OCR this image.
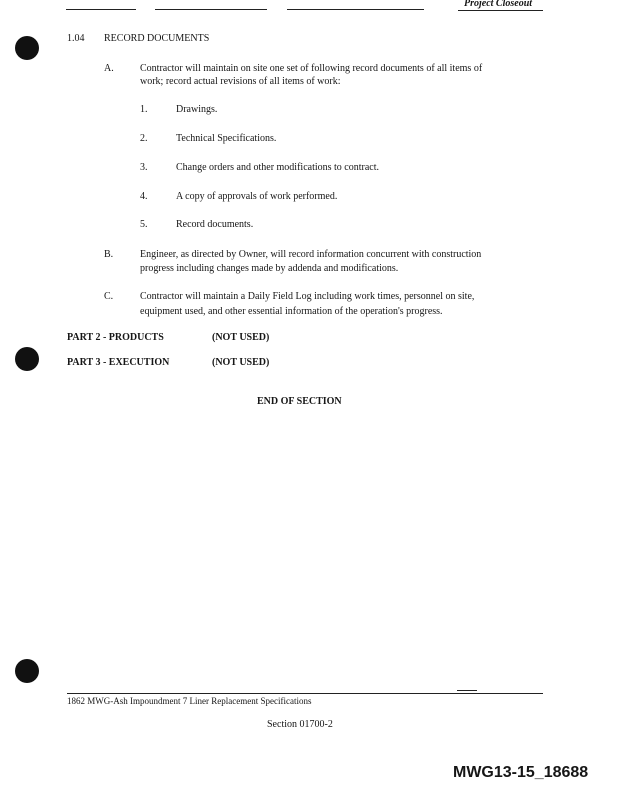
Project Closeout
1.04 RECORD DOCUMENTS
A.	Contractor will maintain on site one set of following record documents of all items of
work; record actual revisions of all items of work:
1.	Drawings.
2.	Technical Specifications.
3.	Change orders and other modifications to contract.
4.	A copy of approvals of work performed.
5.	Record documents.
B.	Engineer, as directed by Owner, will record information concurrent with construction
progress including changes made by addenda and modifications.
C.	Contractor will maintain a Daily Field Log including work times, personnel on site,
equipment used, and other essential information of the operation's progress.
PART 2 - PRODUCTS	(NOT USED)
PART 3 - EXECUTION	(NOT USED)
END OF SECTION
1862 MWG-Ash Impoundment 7 Liner Replacement Specifications
Section 01700-2
MWG13-15_18688
